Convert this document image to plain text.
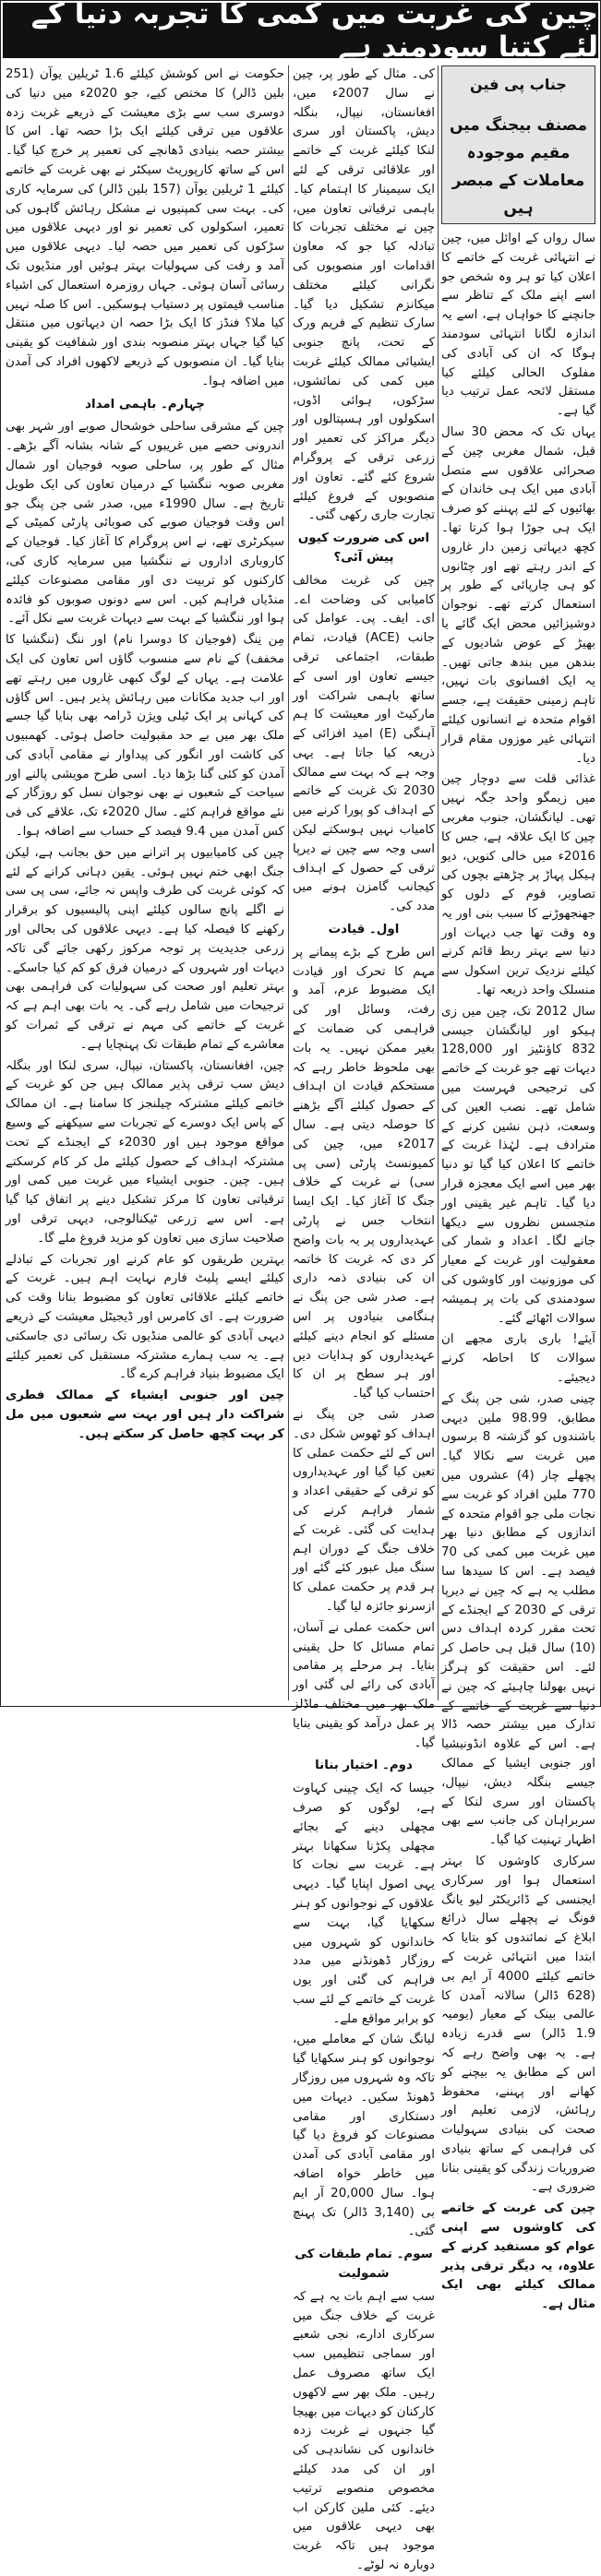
چین کی غربت میں کمی کا تجربہ دنیا کے لئے کتنا سودمند ہے
جناب پی فین
مصنف بیجنگ میں مقیم موجودہ معاملات کے مبصر ہیں

سال رواں کے اوائل میں، چین نے انتہائی غربت کے خاتمے کا اعلان کیا تو ہر وہ شخص جو اسے اپنے ملک کے تناظر سے جانچنے کا خواہاں ہے، اسے یہ اندازہ لگانا انتہائی سودمند ہوگا کہ ان کی آبادی کی مفلوک الحالی کیلئے کیا مستقل لائحہ عمل ترتیب دیا گیا ہے۔

یہاں تک کہ محض 30 سال قبل، شمال مغربی چین کے صحرائی علاقوں سے متصل آبادی میں ایک ہی خاندان کے بھائیوں کے لئے پہننے کو صرف ایک ہی جوڑا ہوا کرتا تھا۔ کچھ دیہاتی زمین دار غاروں کے اندر رہتے تھے اور چٹانوں کو ہی چارپائی کے طور پر استعمال کرتے تھے۔ نوجوان دوشیزائیں محض ایک گائے یا بھیڑ کے عوض شادیوں کے بندھن میں بندھ جاتی تھیں۔ یہ ایک افسانوی بات نہیں، تاہم زمینی حقیقت ہے، جسے اقوام متحدہ نے انسانوں کیلئے انتہائی غیر موزوں مقام قرار دیا۔

غذائی قلت سے دوچار چین میں زیمگو واحد جگہ نہیں تھی۔ لیانگشان، جنوب مغربی چین کا ایک علاقہ ہے، جس کا 2016ء میں خالی کنویں، دیو ہیکل پہاڑ پر چڑھتے بچوں کی تصاویر، قوم کے دلوں کو جھنجھوڑنے کا سبب بنی اور یہ وہ وقت تھا جب دیہات اور دنیا سے بہتر ربط قائم کرنے کیلئے نزدیک ترین اسکول سے منسلک واحد ذریعہ تھا۔

سال 2012 تک، چین میں زی ہیکو اور لیانگشان جیسی 832 کاؤنٹیز اور 128,000 دیہات تھے جو غربت کے خاتمے کی ترجیحی فہرست میں شامل تھے۔ نصب العین کی وسعت، ذہن نشین کرنے کے مترادف ہے۔ لہٰذا غربت کے خاتمے کا اعلان کیا گیا تو دنیا بھر میں اسے ایک معجزہ قرار دیا گیا۔ تاہم غیر یقینی اور متجسس نظروں سے دیکھا جانے لگا۔ اعداد و شمار کی معقولیت اور غربت کے معیار کی موزونیت اور کاوشوں کی سودمندی کی بات پر ہمیشہ سوالات اٹھائے گئے۔

آیئے! باری باری مجھے ان سوالات کا احاطہ کرنے دیجیئے۔

چینی صدر، شی جن پنگ کے مطابق، 98.99 ملین دیہی باشندوں کو گزشتہ 8 برسوں میں غربت سے نکالا گیا۔ پچھلے چار (4) عشروں میں 770 ملین افراد کو غربت سے نجات ملی جو اقوام متحدہ کے اندازوں کے مطابق دنیا بھر میں غربت میں کمی کی 70 فیصد ہے۔ اس کا سیدھا سا مطلب یہ ہے کہ چین نے دیرپا ترقی کے 2030 کے ایجنڈے کے تحت مقرر کردہ اہداف دس (10) سال قبل ہی حاصل کر لئے۔ اس حقیقت کو ہرگز نہیں بھولنا چاہیئے کہ چین نے دنیا سے غربت کے خاتمے کے تدارک میں بیشتر حصہ ڈالا ہے۔ اس کے علاوہ انڈونیشیا اور جنوبی ایشیا کے ممالک جیسے بنگلہ دیش، نیپال، پاکستان اور سری لنکا کے سربراہان کی جانب سے بھی اظہار تہنیت کیا گیا۔

سرکاری کاوشوں کا بہتر استعمال ہوا اور سرکاری ایجنسی کے ڈائریکٹر لیو یانگ فونگ نے پچھلے سال ذرائع ابلاغ کے نمائندوں کو بتایا کہ ابتدا میں انتہائی غربت کے خاتمے کیلئے 4000 آر ایم بی (628 ڈالر) سالانہ آمدن کا عالمی بینک کے معیار (یومیہ 1.9 ڈالر) سے قدرے زیادہ ہے۔ یہ بھی واضح رہے کہ اس کے مطابق یہ بیچنے کو کھانے اور پہننے، محفوظ رہائش، لازمی تعلیم اور صحت کی بنیادی سہولیات کی فراہمی کے ساتھ بنیادی ضروریات زندگی کو یقینی بنانا ضروری ہے۔

چین کی غربت کے خاتمے کی کاوشوں سے اپنی عوام کو مستفید کرنے کے علاوہ، یہ دیگر ترقی پذیر ممالک کیلئے بھی ایک مثال ہے۔

کی۔ مثال کے طور پر، چین نے سال 2007ء میں، افغانستان، نیپال، بنگلہ دیش، پاکستان اور سری لنکا کیلئے غربت کے خاتمے اور علاقائی ترقی کے لئے ایک سیمینار کا اہتمام کیا۔ باہمی ترقیاتی تعاون میں، چین نے مختلف تجربات کا تبادلہ کیا جو کہ معاون اقدامات اور منصوبوں کی نگرانی کیلئے مختلف میکانزم تشکیل دیا گیا۔ سارک تنظیم کے فریم ورک کے تحت، پانچ جنوبی ایشیائی ممالک کیلئے غربت میں کمی کی نمائشوں، سڑکوں، ہوائی اڈوں، اسکولوں اور ہسپتالوں اور دیگر مراکز کی تعمیر اور زرعی ترقی کے پروگرام شروع کئے گئے۔ تعاون اور منصوبوں کے فروغ کیلئے تجارت جاری رکھی گئی۔

اس کی ضرورت کیوں پیش آئی؟

چین کی غربت مخالف کامیابی کی وضاحت اے۔ ای۔ ایف۔ پی۔ عوامل کی جانب (ACE) قیادت، تمام طبقات، اجتماعی ترقی جیسے تعاون اور اسی کے ساتھ باہمی شراکت اور مارکیٹ اور معیشت کا ہم آہنگی (E) امید افزائی کے ذریعہ کیا جاتا ہے۔ یہی وجہ ہے کہ بہت سے ممالک 2030 تک غربت کے خاتمے کے اہداف کو پورا کرنے میں کامیاب نہیں ہوسکتے لیکن اسی وجہ سے چین نے دیرپا ترقی کے حصول کے اہداف کیجانب گامزن ہونے میں مدد کی۔

اول۔ قیادت

اس طرح کے بڑے پیمانے پر مہم کا تحرک اور قیادت ایک مضبوط عزم، آمد و رفت، وسائل اور کی فراہمی کی ضمانت کے بغیر ممکن نہیں۔ یہ بات بھی ملحوظ خاطر رہے کہ مستحکم قیادت ان اہداف کے حصول کیلئے آگے بڑھنے کا حوصلہ دیتی ہے۔ سال 2017ء میں، چین کی کمیونسٹ پارٹی (سی پی سی) نے غربت کے خلاف جنگ کا آغاز کیا۔ ایک ایسا انتخاب جس نے پارٹی عہدیداروں پر یہ بات واضح کر دی کہ غربت کا خاتمہ ان کی بنیادی ذمہ داری ہے۔ صدر شی جن پنگ نے ہنگامی بنیادوں پر اس مسئلے کو انجام دینے کیلئے عہدیداروں کو ہدایات دیں اور ہر سطح پر ان کا احتساب کیا گیا۔

صدر شی جن پنگ نے اہداف کو ٹھوس شکل دی۔ اس کے لئے حکمت عملی کا تعین کیا گیا اور عہدیداروں کو ترقی کے حقیقی اعداد و شمار فراہم کرنے کی ہدایت کی گئی۔ غربت کے خلاف جنگ کے دوران اہم سنگ میل عبور کئے گئے اور ہر قدم پر حکمت عملی کا ازسرنو جائزہ لیا گیا۔

اس حکمت عملی نے آسان، تمام مسائل کا حل یقینی بنایا۔ ہر مرحلے پر مقامی آبادی کی رائے لی گئی اور ملک بھر میں مختلف ماڈلز پر عمل درآمد کو یقینی بنایا گیا۔

دوم۔ اختیار بنانا

جیسا کہ ایک چینی کہاوت ہے، لوگوں کو صرف مچھلی دینے کے بجائے مچھلی پکڑنا سکھانا بہتر ہے۔ غربت سے نجات کا یہی اصول اپنایا گیا۔ دیہی علاقوں کے نوجوانوں کو ہنر سکھایا گیا، بہت سے خاندانوں کو شہروں میں روزگار ڈھونڈنے میں مدد فراہم کی گئی اور یوں غربت کے خاتمے کے لئے سب کو برابر مواقع ملے۔

لیانگ شان کے معاملے میں، نوجوانوں کو ہنر سکھایا گیا تاکہ وہ شہروں میں روزگار ڈھونڈ سکیں۔ دیہات میں دستکاری اور مقامی مصنوعات کو فروغ دیا گیا اور مقامی آبادی کی آمدن میں خاطر خواہ اضافہ ہوا۔ سال 20,000 آر ایم بی (3,140 ڈالر) تک پہنچ گئی۔

سوم۔ تمام طبقات کی شمولیت

سب سے اہم بات یہ ہے کہ غربت کے خلاف جنگ میں سرکاری ادارے، نجی شعبے اور سماجی تنظیمیں سب ایک ساتھ مصروف عمل رہیں۔ ملک بھر سے لاکھوں کارکنان کو دیہات میں بھیجا گیا جنہوں نے غربت زدہ خاندانوں کی نشاندہی کی اور ان کی مدد کیلئے مخصوص منصوبے ترتیب دیئے۔ کئی ملین کارکن اب بھی دیہی علاقوں میں موجود ہیں تاکہ غربت دوبارہ نہ لوٹے۔

حکومت نے اس کوشش کیلئے 1.6 ٹریلین یوآن (251 بلین ڈالر) کا مختص کیے، جو 2020ء میں دنیا کی دوسری سب سے بڑی معیشت کے ذریعے غربت زدہ علاقوں میں ترقی کیلئے ایک بڑا حصہ تھا۔ اس کا بیشتر حصہ بنیادی ڈھانچے کی تعمیر پر خرچ کیا گیا۔ اس کے ساتھ کارپوریٹ سیکٹر نے بھی غربت کے خاتمے کیلئے 1 ٹریلین یوآن (157 بلین ڈالر) کی سرمایہ کاری کی۔ بہت سی کمپنیوں نے مشکل رہائش گاہوں کی تعمیر، اسکولوں کی تعمیر نو اور دیہی علاقوں میں سڑکوں کی تعمیر میں حصہ لیا۔ دیہی علاقوں میں آمد و رفت کی سہولیات بہتر ہوئیں اور منڈیوں تک رسائی آسان ہوئی۔ جہاں روزمرہ استعمال کی اشیاء مناسب قیمتوں پر دستیاب ہوسکیں۔ اس کا صلہ نہیں کیا ملا؟ فنڈز کا ایک بڑا حصہ ان دیہاتوں میں منتقل کیا گیا جہاں بہتر منصوبہ بندی اور شفافیت کو یقینی بنایا گیا۔ ان منصوبوں کے ذریعے لاکھوں افراد کی آمدن میں اضافہ ہوا۔

چہارم۔ باہمی امداد

چین کے مشرقی ساحلی خوشحال صوبے اور شہر بھی اندرونی حصے میں غریبوں کے شانہ بشانہ آگے بڑھے۔ مثال کے طور پر، ساحلی صوبہ فوجیان اور شمال مغربی صوبہ ننگشیا کے درمیان تعاون کی ایک طویل تاریخ ہے۔ سال 1990ء میں، صدر شی جن پنگ جو اس وقت فوجیان صوبے کی صوبائی پارٹی کمیٹی کے سیکرٹری تھے، نے اس پروگرام کا آغاز کیا۔ فوجیان کے کاروباری اداروں نے ننگشیا میں سرمایہ کاری کی، کارکنوں کو تربیت دی اور مقامی مصنوعات کیلئے منڈیاں فراہم کیں۔ اس سے دونوں صوبوں کو فائدہ ہوا اور ننگشیا کے بہت سے دیہات غربت سے نکل آئے۔

مِن نِنگ (فوجیان کا دوسرا نام) اور ننگ (ننگشیا کا مخفف) کے نام سے منسوب گاؤں اس تعاون کی ایک علامت ہے۔ یہاں کے لوگ کبھی غاروں میں رہتے تھے اور اب جدید مکانات میں رہائش پذیر ہیں۔ اس گاؤں کی کہانی پر ایک ٹیلی ویژن ڈرامہ بھی بنایا گیا جسے ملک بھر میں بے حد مقبولیت حاصل ہوئی۔ کھمبیوں کی کاشت اور انگور کی پیداوار نے مقامی آبادی کی آمدن کو کئی گنا بڑھا دیا۔ اسی طرح مویشی پالنے اور سیاحت کے شعبوں نے بھی نوجوان نسل کو روزگار کے نئے مواقع فراہم کئے۔ سال 2020ء تک، علاقے کی فی کس آمدن میں 9.4 فیصد کے حساب سے اضافہ ہوا۔

چین کی کامیابیوں پر اترانے میں حق بجانب ہے، لیکن جنگ ابھی ختم نہیں ہوئی۔ یقین دہانی کرانے کے لئے کہ کوئی غربت کی طرف واپس نہ جائے، سی پی سی نے اگلے پانچ سالوں کیلئے اپنی پالیسیوں کو برقرار رکھنے کا فیصلہ کیا ہے۔ دیہی علاقوں کی بحالی اور زرعی جدیدیت پر توجہ مرکوز رکھی جائے گی تاکہ دیہات اور شہروں کے درمیان فرق کو کم کیا جاسکے۔ بہتر تعلیم اور صحت کی سہولیات کی فراہمی بھی ترجیحات میں شامل رہے گی۔ یہ بات بھی اہم ہے کہ غربت کے خاتمے کی مہم نے ترقی کے ثمرات کو معاشرے کے تمام طبقات تک پہنچایا ہے۔

چین، افغانستان، پاکستان، نیپال، سری لنکا اور بنگلہ دیش سب ترقی پذیر ممالک ہیں جن کو غربت کے خاتمے کیلئے مشترکہ چیلنجز کا سامنا ہے۔ ان ممالک کے پاس ایک دوسرے کے تجربات سے سیکھنے کے وسیع مواقع موجود ہیں اور 2030ء کے ایجنڈے کے تحت مشترکہ اہداف کے حصول کیلئے مل کر کام کرسکتے ہیں۔ چین۔ جنوبی ایشیاء میں غربت میں کمی اور ترقیاتی تعاون کا مرکز تشکیل دینے پر اتفاق کیا گیا ہے۔ اس سے زرعی ٹیکنالوجی، دیہی ترقی اور صلاحیت سازی میں تعاون کو مزید فروغ ملے گا۔

بہترین طریقوں کو عام کرنے اور تجربات کے تبادلے کیلئے ایسے پلیٹ فارم نہایت اہم ہیں۔ غربت کے خاتمے کیلئے علاقائی تعاون کو مضبوط بنانا وقت کی ضرورت ہے۔ ای کامرس اور ڈیجیٹل معیشت کے ذریعے دیہی آبادی کو عالمی منڈیوں تک رسائی دی جاسکتی ہے۔ یہ سب ہمارے مشترکہ مستقبل کی تعمیر کیلئے ایک مضبوط بنیاد فراہم کرے گا۔

چین اور جنوبی ایشیاء کے ممالک فطری شراکت دار ہیں اور بہت سے شعبوں میں مل کر بہت کچھ حاصل کر سکتے ہیں۔
